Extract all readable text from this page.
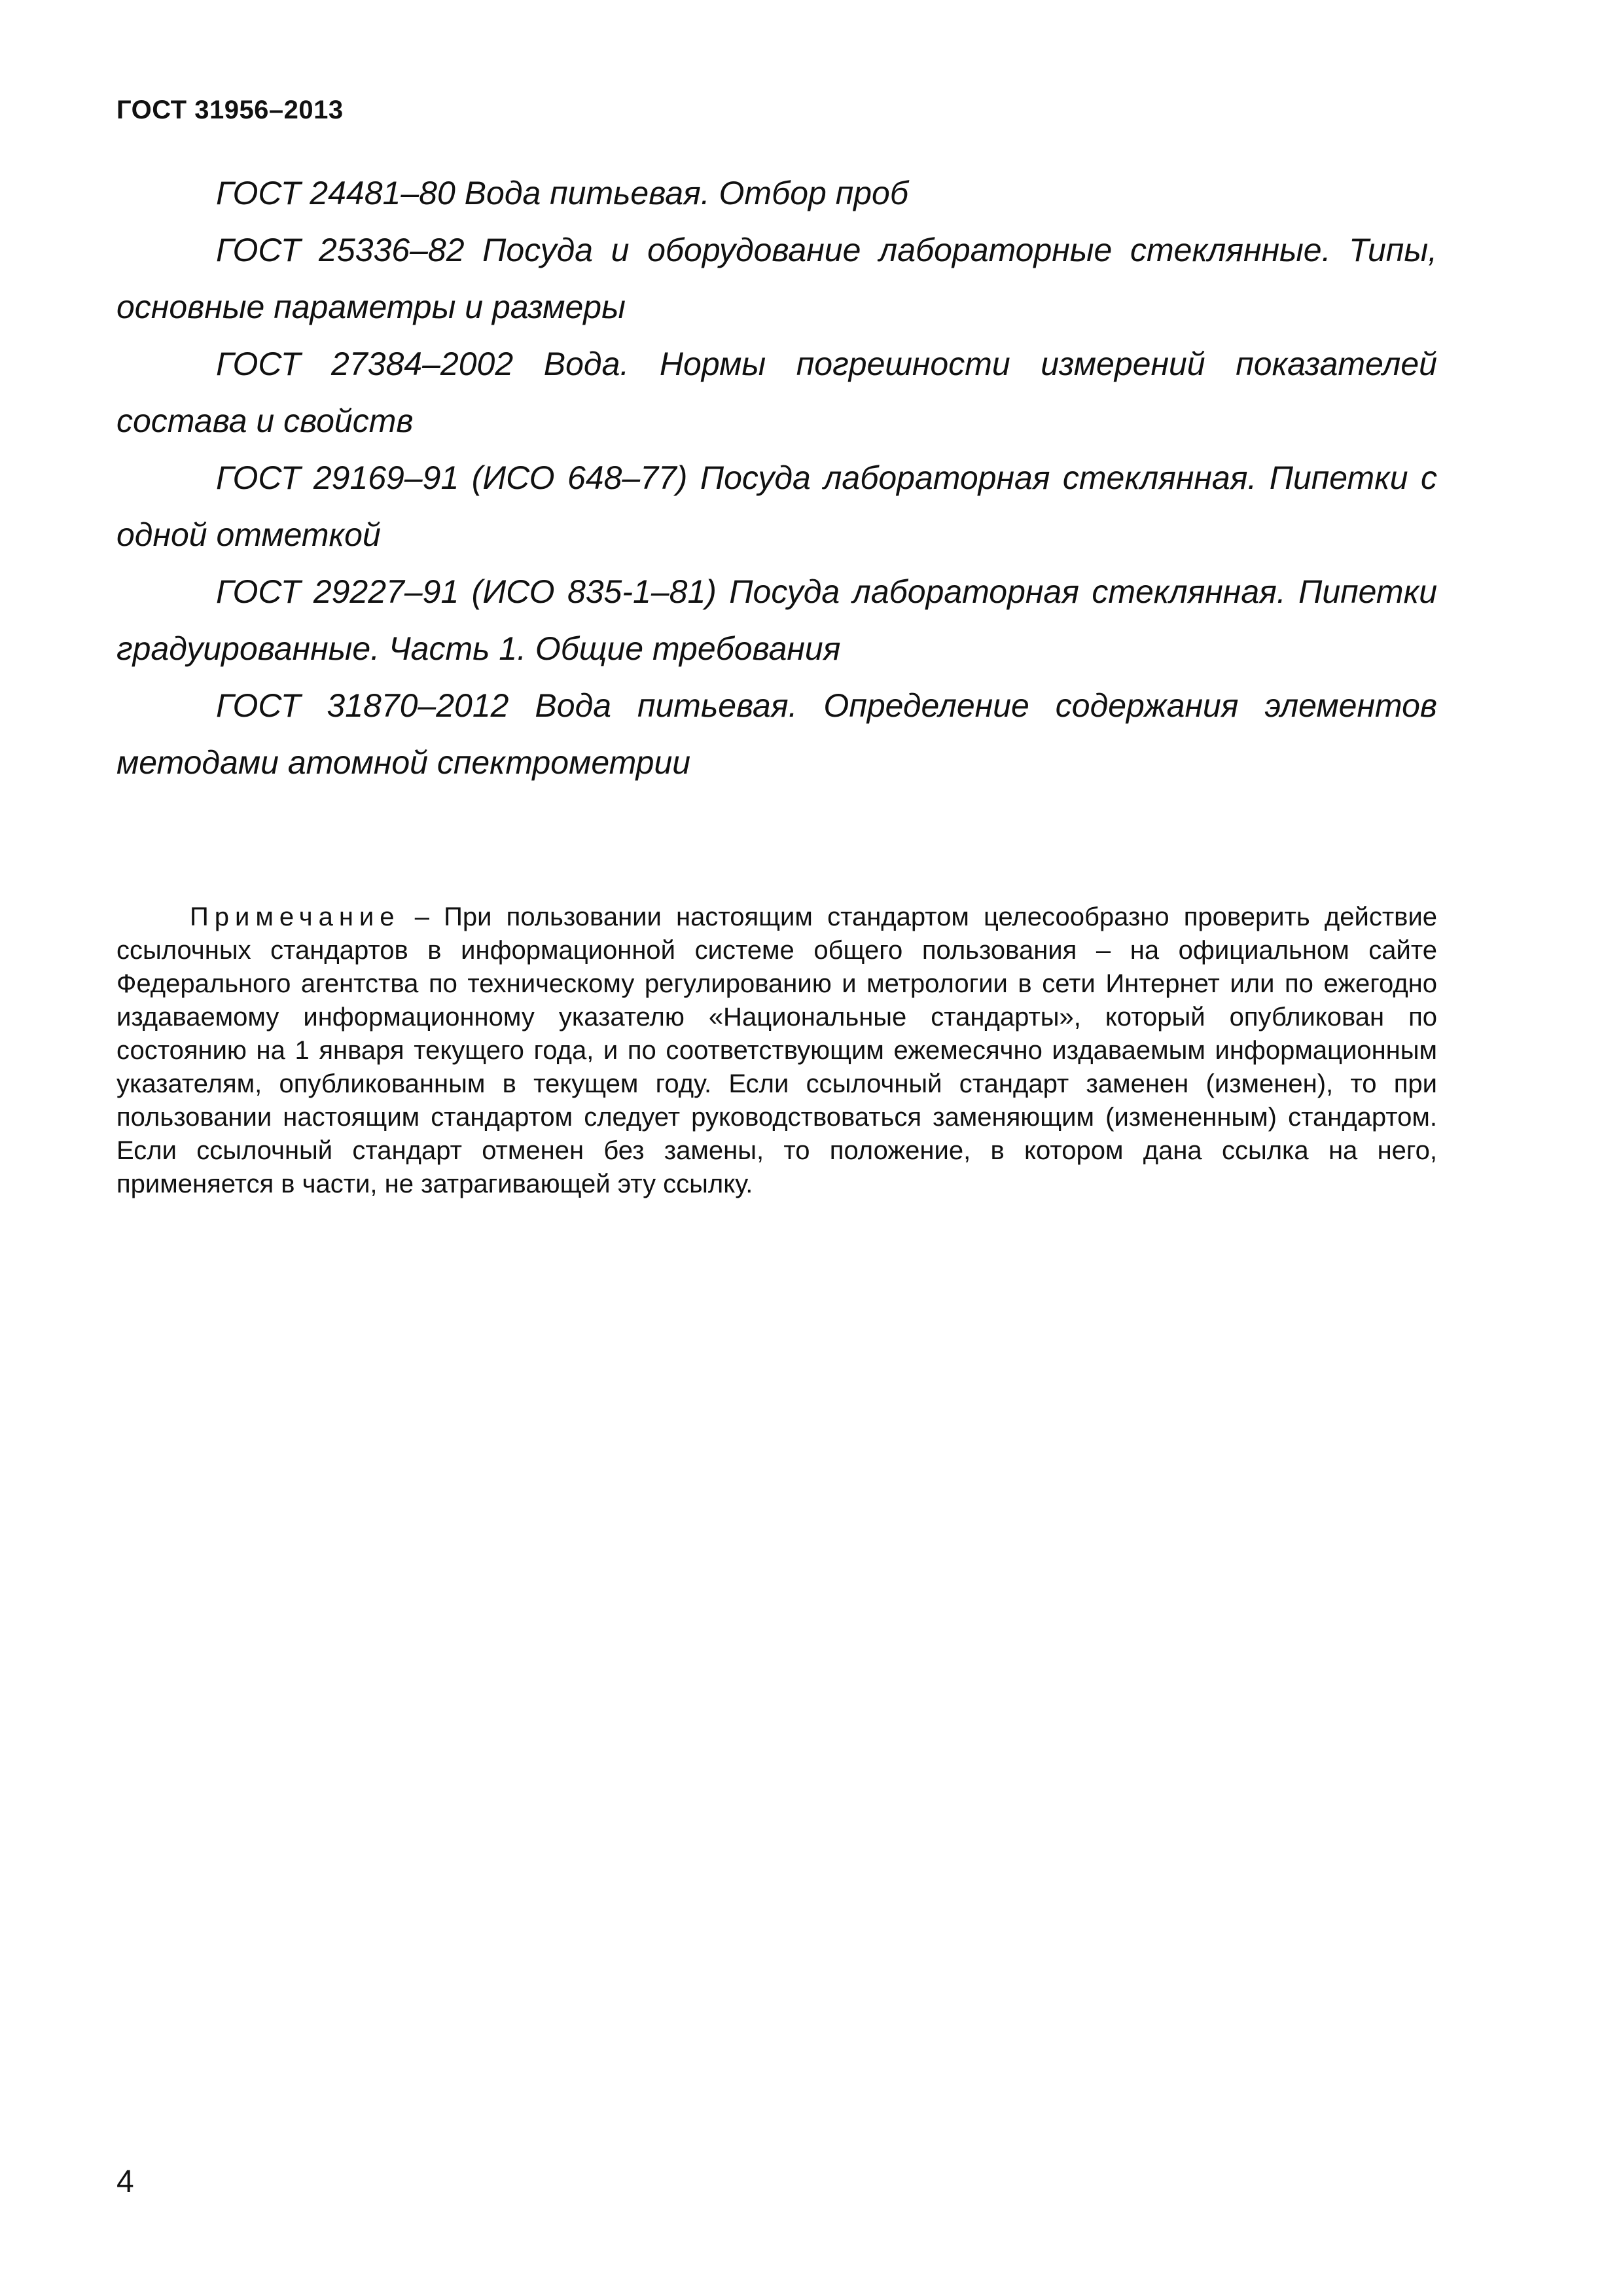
ГОСТ 31956–2013

ГОСТ 24481–80 Вода питьевая. Отбор проб

ГОСТ 25336–82 Посуда и оборудование лабораторные стеклянные. Типы, основные параметры и размеры

ГОСТ 27384–2002 Вода. Нормы погрешности измерений показателей состава и свойств

ГОСТ 29169–91 (ИСО 648–77) Посуда лабораторная стеклянная. Пипетки с одной отметкой

ГОСТ 29227–91 (ИСО 835-1–81) Посуда лабораторная стеклянная. Пипетки градуированные. Часть 1. Общие требования

ГОСТ 31870–2012 Вода питьевая. Определение содержания элементов методами атомной спектрометрии

Примечание – При пользовании настоящим стандартом целесообразно проверить действие ссылочных стандартов в информационной системе общего пользования – на официальном сайте Федерального агентства по техническому регулированию и метрологии в сети Интернет или по ежегодно издаваемому информационному указателю «Национальные стандарты», который опубликован по состоянию на 1 января текущего года, и по соответствующим ежемесячно издаваемым информационным указателям, опубликованным в текущем году. Если ссылочный стандарт заменен (изменен), то при пользовании настоящим стандартом следует руководствоваться заменяющим (измененным) стандартом. Если ссылочный стандарт отменен без замены, то положение, в котором дана ссылка на него, применяется в части, не затрагивающей эту ссылку.

4
